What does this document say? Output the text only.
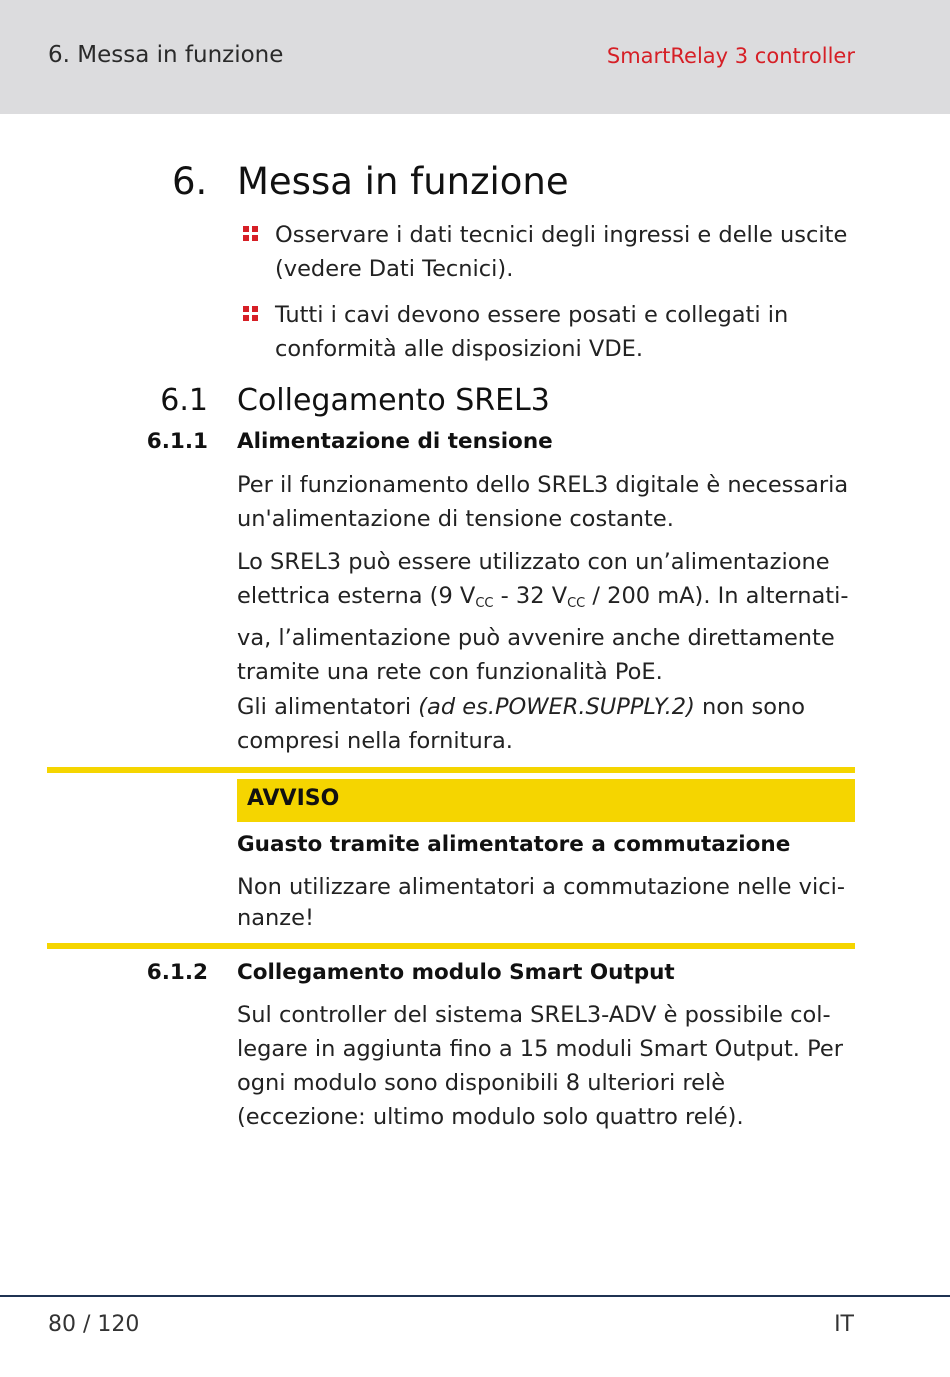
6. Messa in funzione	SmartRelay 3 controller
6. Messa in funzione
Osservare i dati tecnici degli ingressi e delle uscite (vedere Dati Tecnici).
Tutti i cavi devono essere posati e collegati in conformità alle disposizioni VDE.
6.1 Collegamento SREL3
6.1.1 Alimentazione di tensione
Per il funzionamento dello SREL3 digitale è necessaria un'alimentazione di tensione costante.
Lo SREL3 può essere utilizzato con un’alimentazione elettrica esterna (9 $V_{CC} - 32$ $V_{CC} / 200$ mA). In alternati-va, l’alimentazione può avvenire anche direttamente tramite una rete con funzionalità PoE.
Gli alimentatori (ad es.POWER.SUPPLY.2) non sono compresi nella fornitura.
AVVISO
Guasto tramite alimentatore a commutazione
Non utilizzare alimentatori a commutazione nelle vici-nanze!
6.1.2 Collegamento modulo Smart Output
Sul controller del sistema SREL3-ADV è possibile col-legare in aggiunta fino a 15 moduli Smart Output. Per ogni modulo sono disponibili 8 ulteriori relè (eccezione: ultimo modulo solo quattro relé).
80 / 120	IT
